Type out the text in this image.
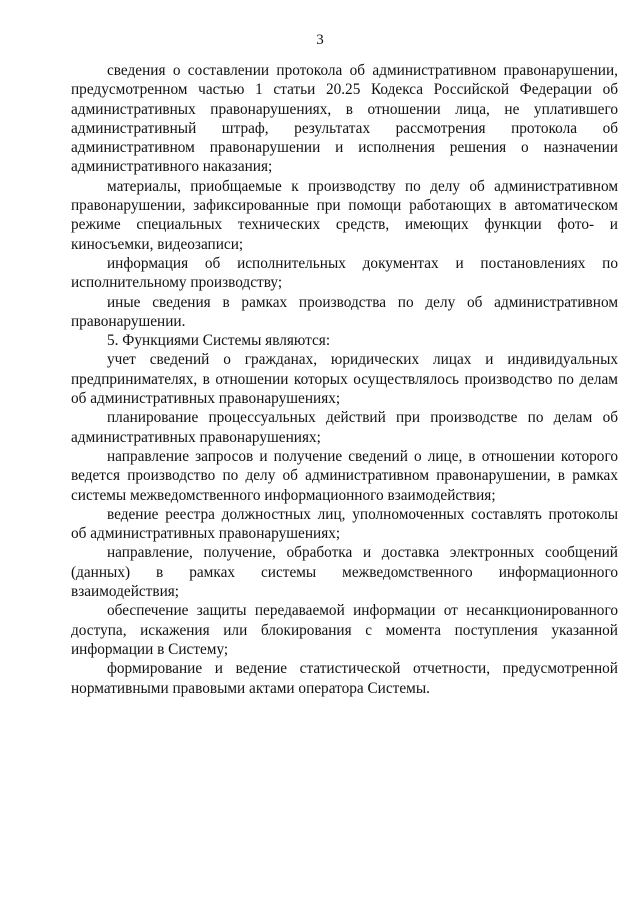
3

сведения о составлении протокола об административном правонарушении, предусмотренном частью 1 статьи 20.25 Кодекса Российской Федерации об административных правонарушениях, в отношении лица, не уплатившего административный штраф, результатах рассмотрения протокола об административном правонарушении и исполнения решения о назначении административного наказания;

материалы, приобщаемые к производству по делу об административном правонарушении, зафиксированные при помощи работающих в автоматическом режиме специальных технических средств, имеющих функции фото- и киносъемки, видеозаписи;

информация об исполнительных документах и постановлениях по исполнительному производству;

иные сведения в рамках производства по делу об административном правонарушении.

5. Функциями Системы являются:

учет сведений о гражданах, юридических лицах и индивидуальных предпринимателях, в отношении которых осуществлялось производство по делам об административных правонарушениях;

планирование процессуальных действий при производстве по делам об административных правонарушениях;

направление запросов и получение сведений о лице, в отношении которого ведется производство по делу об административном правонарушении, в рамках системы межведомственного информационного взаимодействия;

ведение реестра должностных лиц, уполномоченных составлять протоколы об административных правонарушениях;

направление, получение, обработка и доставка электронных сообщений (данных) в рамках системы межведомственного информационного взаимодействия;

обеспечение защиты передаваемой информации от несанкционированного доступа, искажения или блокирования с момента поступления указанной информации в Систему;

формирование и ведение статистической отчетности, предусмотренной нормативными правовыми актами оператора Системы.
